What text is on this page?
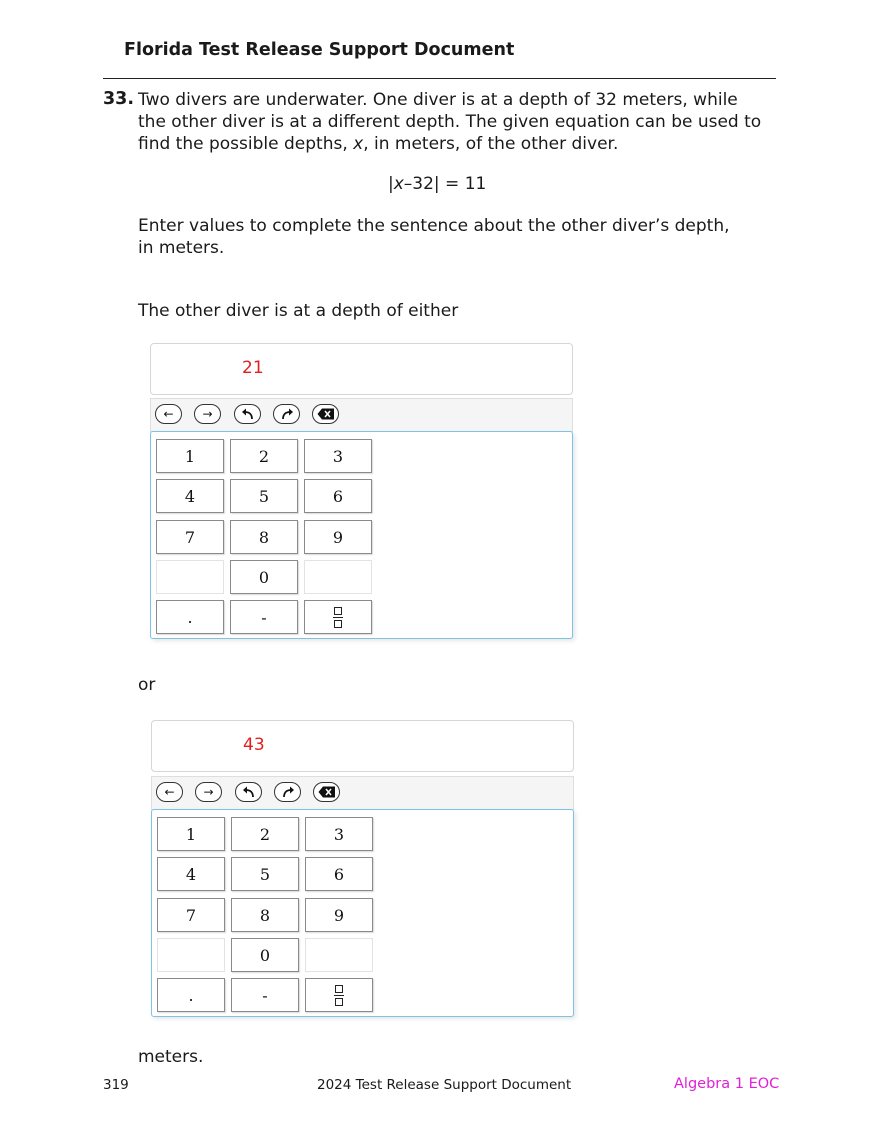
Florida Test Release Support Document
33. Two divers are underwater. One diver is at a depth of 32 meters, while
the other diver is at a different depth. The given equation can be used to
find the possible depths, x, in meters, of the other diver.
|x–32| = 11
Enter values to complete the sentence about the other diver’s depth,
in meters.
The other diver is at a depth of either
21
←	→
1	2	3
4	5	6
7	8	9
0
.	-
or
43
←	→
1	2	3
4	5	6
7	8	9
0
.	-
meters.
319	2024 Test Release Support Document	Algebra 1 EOC
